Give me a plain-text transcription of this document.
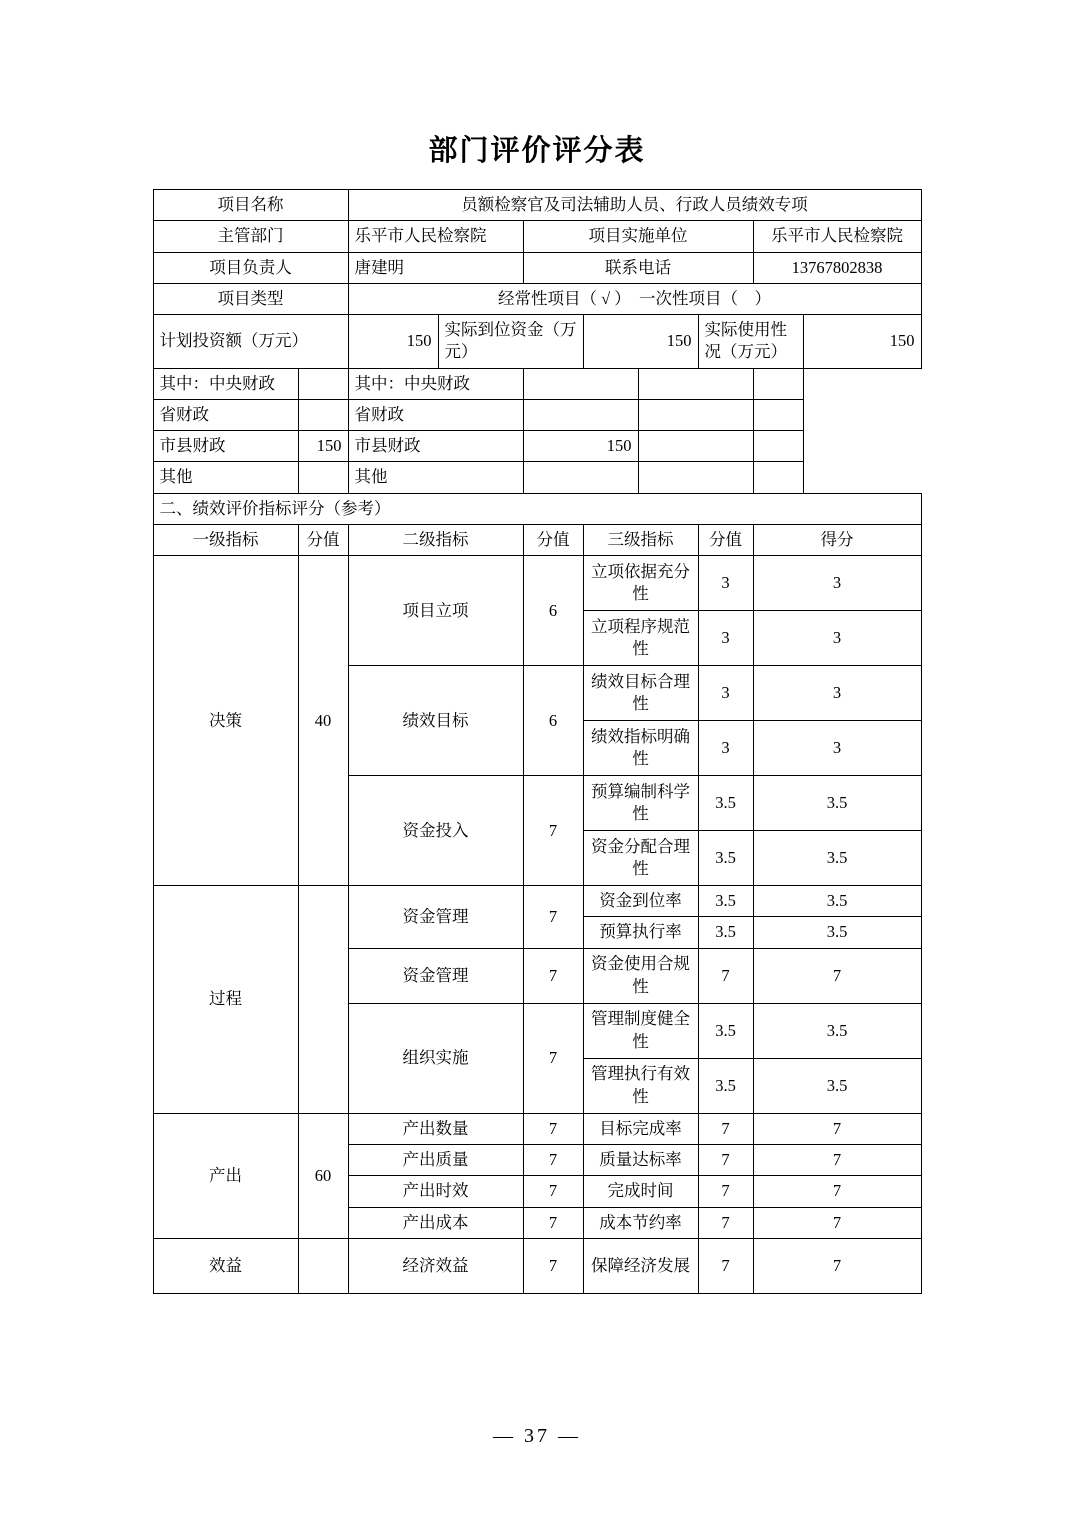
部门评价评分表
项目名称		员额检察官及司法辅助人员、行政人员绩效专项							
主管部门		乐平市人民检察院		项目实施单位				乐平市人民检察院	
项目负责人		唐建明		联系电话				13767802838	
项目类型		经常性项目（ √ ）　一次性项目（　）							
计划投资额（万元）		150	实际到位资金（万元）		150		实际使用性况（万元）		150
其中：中央财政		其中：中央财政							
省财政		省财政							
市县财政	150	市县财政		150					
其他		其他							
二、绩效评价指标评分（参考）									
一级指标	分值	二级指标		分值	三级指标		分值	得分	
决策	40	项目立项		6	立项依据充分性		3	3	
					立项程序规范性		3	3	
		绩效目标		6	绩效目标合理性		3	3	
					绩效指标明确性		3	3	
		资金投入		7	预算编制科学性		3.5	3.5	
					资金分配合理性		3.5	3.5	
过程		资金管理		7	资金到位率		3.5	3.5	
					预算执行率		3.5	3.5	
		资金管理		7	资金使用合规性		7	7	
		组织实施		7	管理制度健全性		3.5	3.5	
					管理执行有效性		3.5	3.5	
产出	60	产出数量		7	目标完成率		7	7	
		产出质量		7	质量达标率		7	7	
		产出时效		7	完成时间		7	7	
		产出成本		7	成本节约率		7	7	
效益		经济效益		7	保障经济发展		7	7	
— 37 —
